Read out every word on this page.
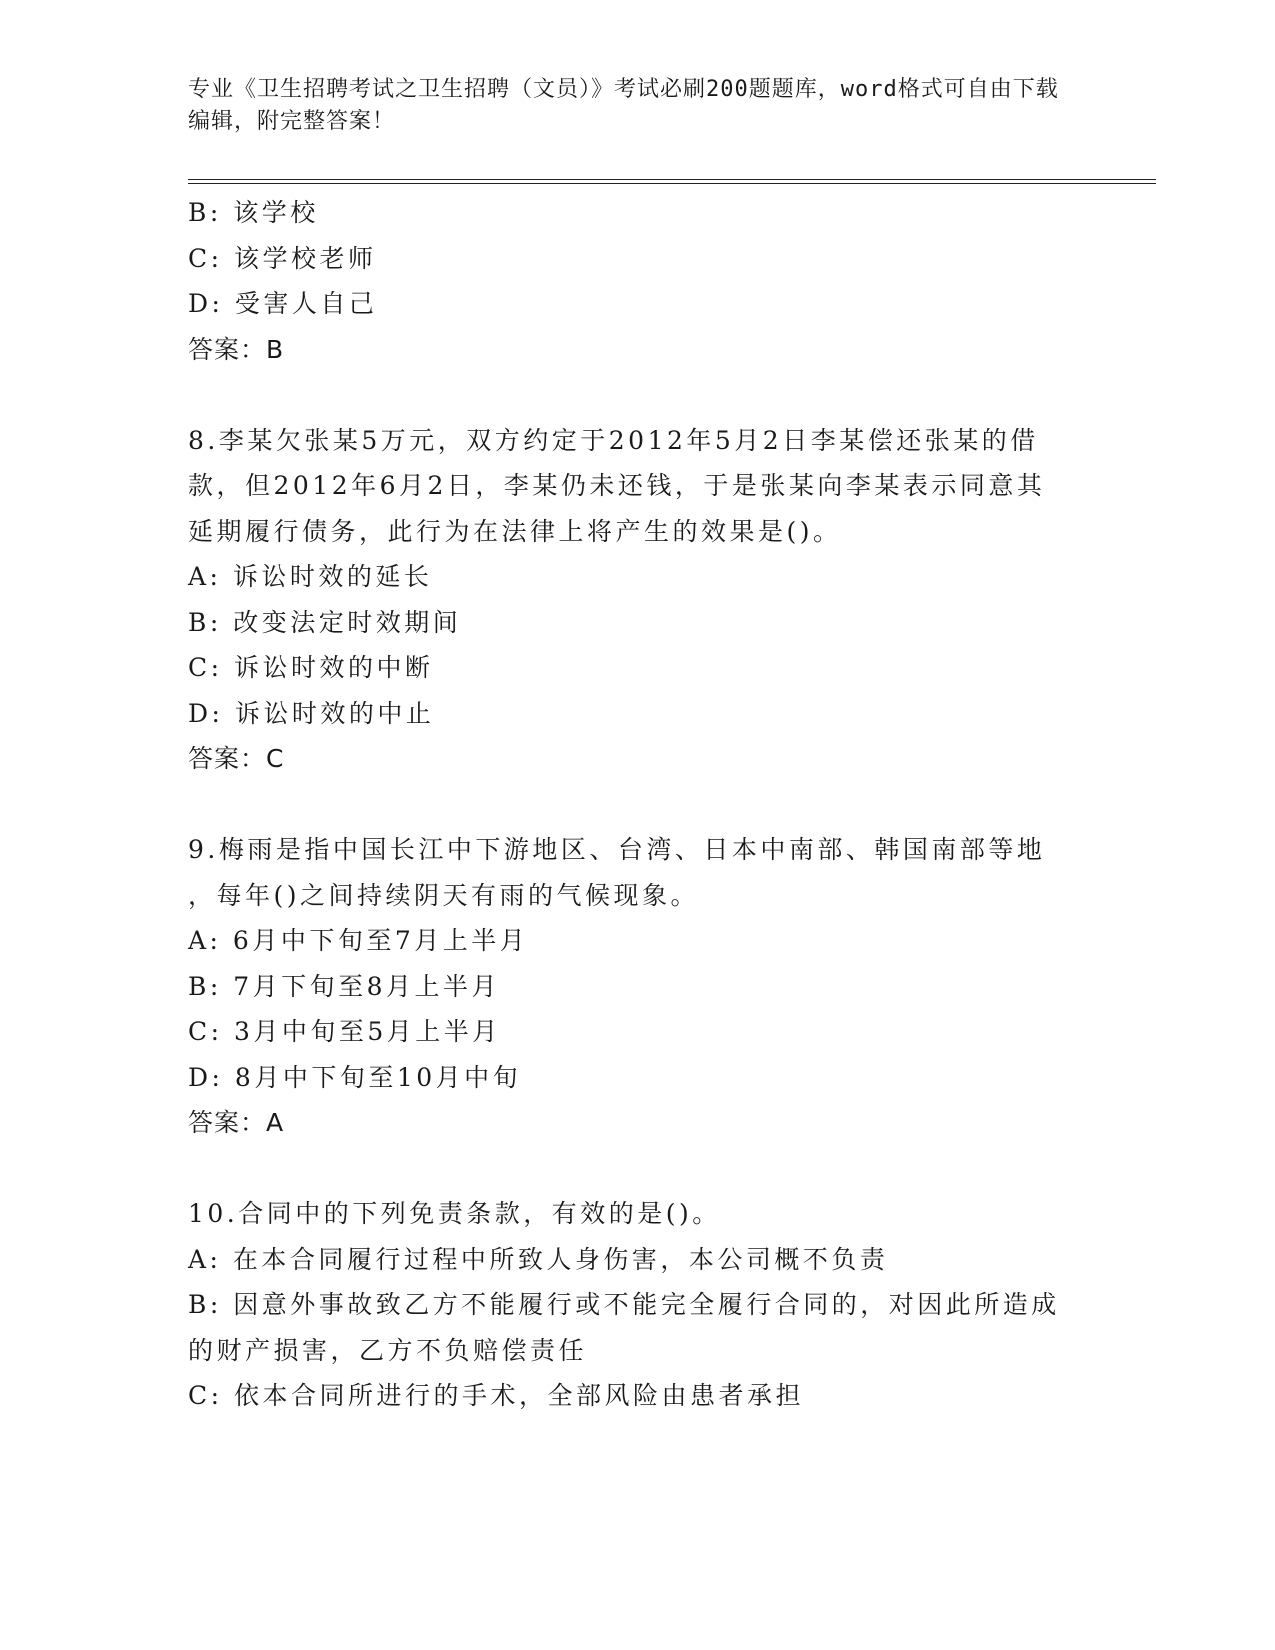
专业《卫生招聘考试之卫生招聘（文员）》考试必刷200题题库，word格式可自由下载编辑，附完整答案！
B: 该学校
C: 该学校老师
D: 受害人自己
答案：B
8.李某欠张某5万元，双方约定于2012年5月2日李某偿还张某的借
款，但2012年6月2日，李某仍未还钱，于是张某向李某表示同意其
延期履行债务，此行为在法律上将产生的效果是()。
A: 诉讼时效的延长
B: 改变法定时效期间
C: 诉讼时效的中断
D: 诉讼时效的中止
答案：C
9.梅雨是指中国长江中下游地区、台湾、日本中南部、韩国南部等地
，每年()之间持续阴天有雨的气候现象。
A: 6月中下旬至7月上半月
B: 7月下旬至8月上半月
C: 3月中旬至5月上半月
D: 8月中下旬至10月中旬
答案：A
10.合同中的下列免责条款，有效的是()。
A: 在本合同履行过程中所致人身伤害，本公司概不负责
B: 因意外事故致乙方不能履行或不能完全履行合同的，对因此所造成
的财产损害，乙方不负赔偿责任
C: 依本合同所进行的手术，全部风险由患者承担
